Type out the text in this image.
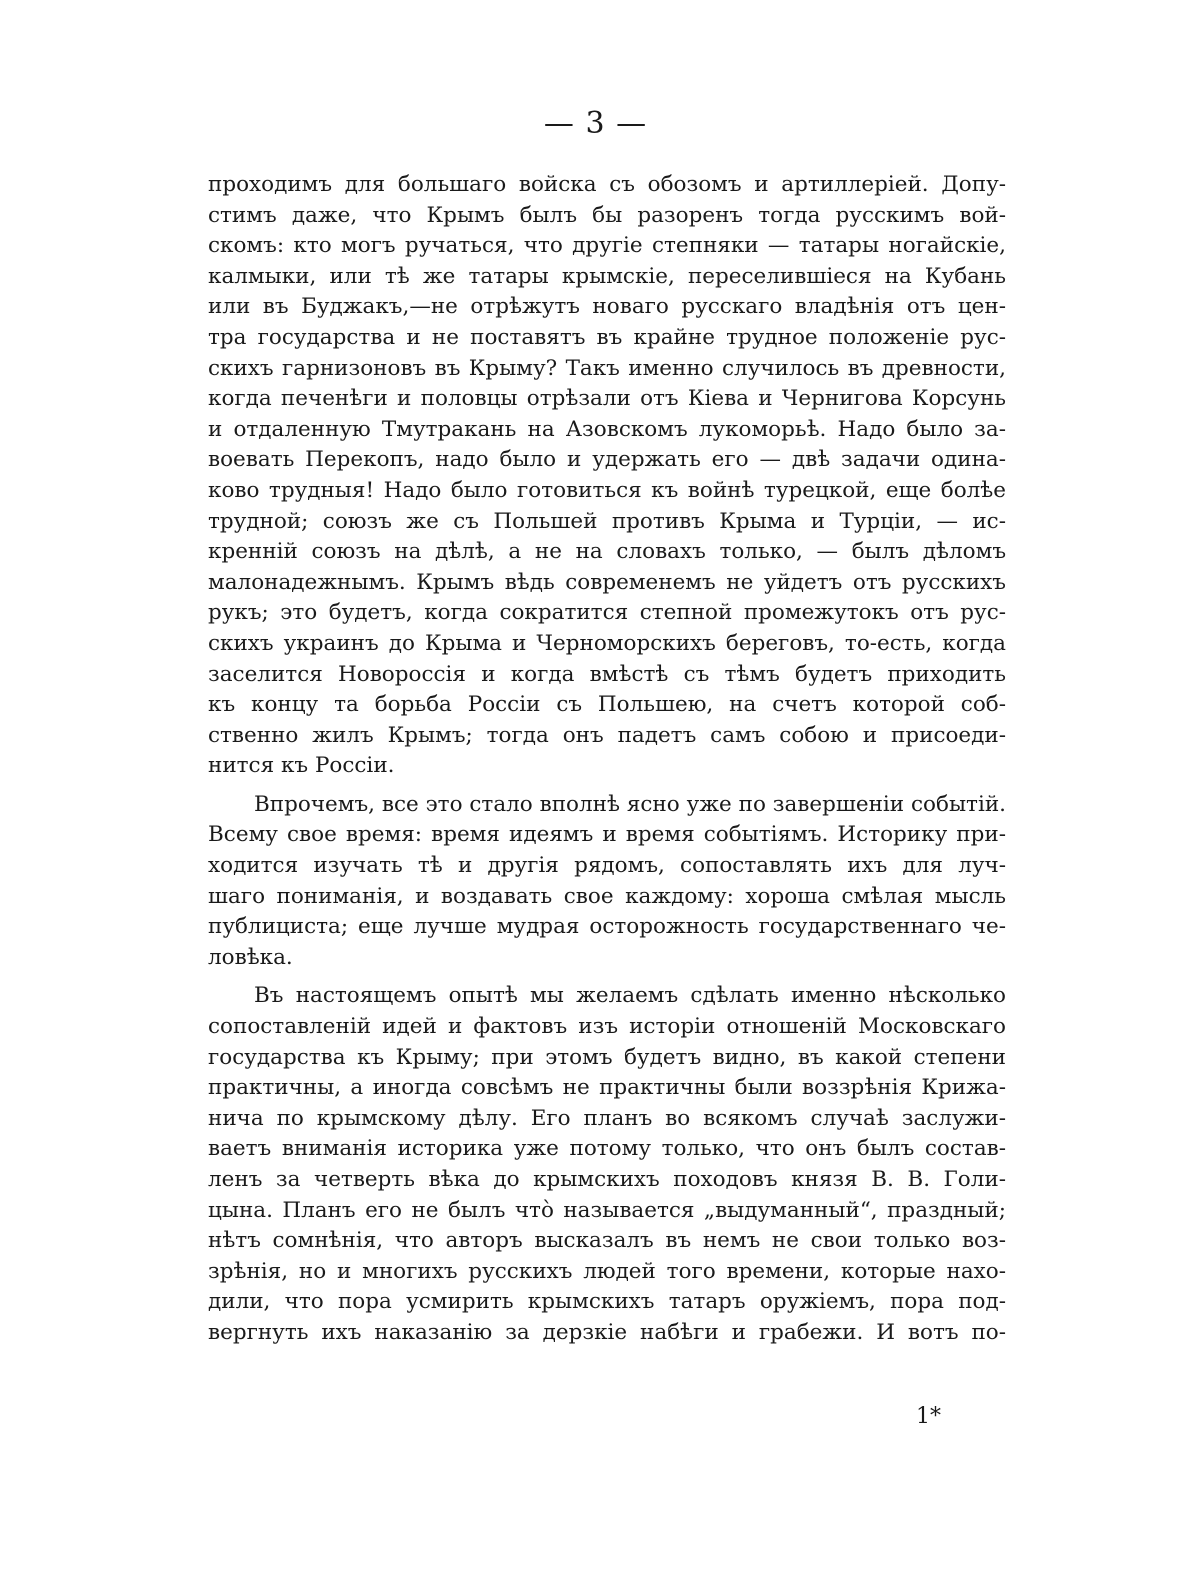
— 3 —
проходимъ для большаго войска съ обозомъ и артиллеріей. Допу-
стимъ даже, что Крымъ былъ бы разоренъ тогда русскимъ вой-
скомъ: кто могъ ручаться, что другіе степняки — татары ногайскіе,
калмыки, или тѣ же татары крымскіе, переселившіеся на Кубань
или въ Буджакъ,—не отрѣжутъ новаго русскаго владѣнія отъ цен-
тра государства и не поставятъ въ крайне трудное положеніе рус-
скихъ гарнизоновъ въ Крыму? Такъ именно случилось въ древности,
когда печенѣги и половцы отрѣзали отъ Кіева и Чернигова Корсунь
и отдаленную Тмутракань на Азовскомъ лукоморьѣ. Надо было за-
воевать Перекопъ, надо было и удержать его — двѣ задачи одина-
ково трудныя! Надо было готовиться къ войнѣ турецкой, еще болѣе
трудной; союзъ же съ Польшей противъ Крыма и Турціи, — ис-
кренній союзъ на дѣлѣ, а не на словахъ только, — былъ дѣломъ
малонадежнымъ. Крымъ вѣдь современемъ не уйдетъ отъ русскихъ
рукъ; это будетъ, когда сократится степной промежутокъ отъ рус-
скихъ украинъ до Крыма и Черноморскихъ береговъ, то-есть, когда
заселится Новороссія и когда вмѣстѣ съ тѣмъ будетъ приходить
къ концу та борьба Россіи съ Польшею, на счетъ которой соб-
ственно жилъ Крымъ; тогда онъ падетъ самъ собою и присоеди-
нится къ Россіи.
Впрочемъ, все это стало вполнѣ ясно уже по завершеніи событій.
Всему свое время: время идеямъ и время событіямъ. Историку при-
ходится изучать тѣ и другія рядомъ, сопоставлять ихъ для луч-
шаго пониманія, и воздавать свое каждому: хороша смѣлая мысль
публициста; еще лучше мудрая осторожность государственнаго че-
ловѣка.
Въ настоящемъ опытѣ мы желаемъ сдѣлать именно нѣсколько
сопоставленій идей и фактовъ изъ исторіи отношеній Московскаго
государства къ Крыму; при этомъ будетъ видно, въ какой степени
практичны, а иногда совсѣмъ не практичны были воззрѣнія Крижа-
нича по крымскому дѣлу. Его планъ во всякомъ случаѣ заслужи-
ваетъ вниманія историка уже потому только, что онъ былъ состав-
ленъ за четверть вѣка до крымскихъ походовъ князя В. В. Голи-
цына. Планъ его не былъ что̀ называется „выдуманный“, праздный;
нѣтъ сомнѣнія, что авторъ высказалъ въ немъ не свои только воз-
зрѣнія, но и многихъ русскихъ людей того времени, которые нахо-
дили, что пора усмирить крымскихъ татаръ оружіемъ, пора под-
вергнуть ихъ наказанію за дерзкіе набѣги и грабежи. И вотъ по-
1*
